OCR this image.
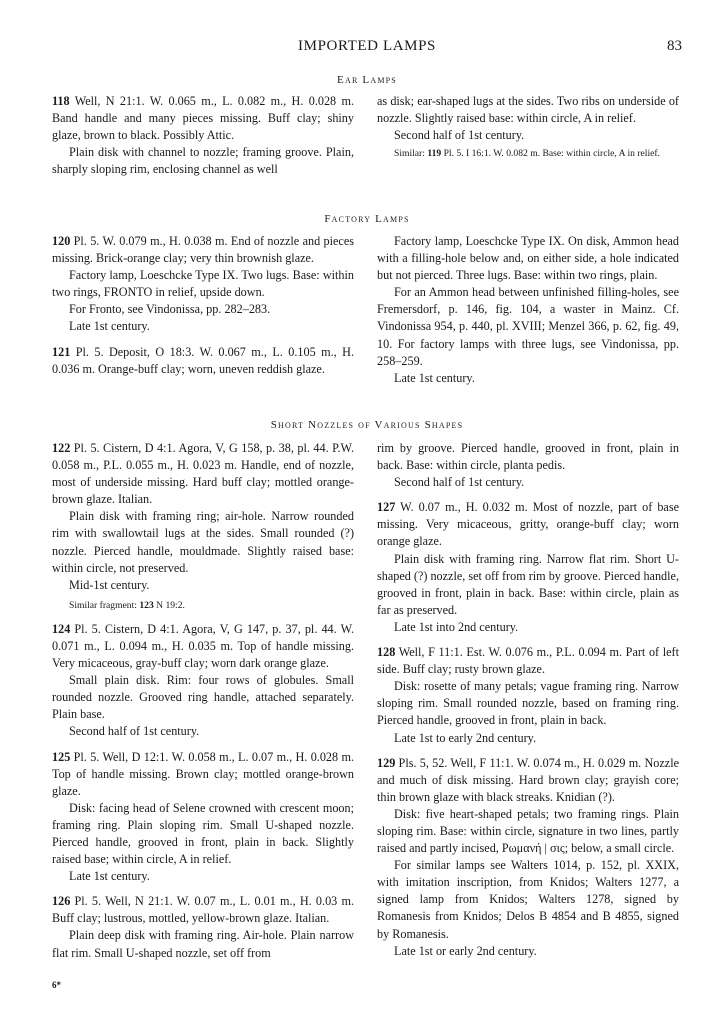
IMPORTED LAMPS	83
Ear Lamps

118 Well, N 21:1. W. 0.065 m., L. 0.082 m., H. 0.028 m. Band handle and many pieces missing. Buff clay; shiny glaze, brown to black. Possibly Attic.

Plain disk with channel to nozzle; framing groove. Plain, sharply sloping rim, enclosing channel as well

as disk; ear-shaped lugs at the sides. Two ribs on underside of nozzle. Slightly raised base: within circle, A in relief.

Second half of 1st century.

Similar: 119 Pl. 5. I 16:1. W. 0.082 m. Base: within circle, A in relief.

Factory Lamps

120 Pl. 5. W. 0.079 m., H. 0.038 m. End of nozzle and pieces missing. Brick-orange clay; very thin brownish glaze.

Factory lamp, Loeschcke Type IX. Two lugs. Base: within two rings, FRONTO in relief, upside down.

For Fronto, see Vindonissa, pp. 282–283.

Late 1st century.

121 Pl. 5. Deposit, O 18:3. W. 0.067 m., L. 0.105 m., H. 0.036 m. Orange-buff clay; worn, uneven reddish glaze.

Factory lamp, Loeschcke Type IX. On disk, Ammon head with a filling-hole below and, on either side, a hole indicated but not pierced. Three lugs. Base: within two rings, plain.

For an Ammon head between unfinished filling-holes, see Fremersdorf, p. 146, fig. 104, a waster in Mainz. Cf. Vindonissa 954, p. 440, pl. XVIII; Menzel 366, p. 62, fig. 49, 10. For factory lamps with three lugs, see Vindonissa, pp. 258–259.

Late 1st century.

Short Nozzles of Various Shapes

122 Pl. 5. Cistern, D 4:1. Agora, V, G 158, p. 38, pl. 44. P.W. 0.058 m., P.L. 0.055 m., H. 0.023 m. Handle, end of nozzle, most of underside missing. Hard buff clay; mottled orange-brown glaze. Italian.

Plain disk with framing ring; air-hole. Narrow rounded rim with swallowtail lugs at the sides. Small rounded (?) nozzle. Pierced handle, mouldmade. Slightly raised base: within circle, not preserved.

Mid-1st century.

Similar fragment: 123 N 19:2.

124 Pl. 5. Cistern, D 4:1. Agora, V, G 147, p. 37, pl. 44. W. 0.071 m., L. 0.094 m., H. 0.035 m. Top of handle missing. Very micaceous, gray-buff clay; worn dark orange glaze.

Small plain disk. Rim: four rows of globules. Small rounded nozzle. Grooved ring handle, attached separately. Plain base.

Second half of 1st century.

125 Pl. 5. Well, D 12:1. W. 0.058 m., L. 0.07 m., H. 0.028 m. Top of handle missing. Brown clay; mottled orange-brown glaze.

Disk: facing head of Selene crowned with crescent moon; framing ring. Plain sloping rim. Small U-shaped nozzle. Pierced handle, grooved in front, plain in back. Slightly raised base; within circle, A in relief.

Late 1st century.

126 Pl. 5. Well, N 21:1. W. 0.07 m., L. 0.01 m., H. 0.03 m. Buff clay; lustrous, mottled, yellow-brown glaze. Italian.

Plain deep disk with framing ring. Air-hole. Plain narrow flat rim. Small U-shaped nozzle, set off from

rim by groove. Pierced handle, grooved in front, plain in back. Base: within circle, planta pedis.

Second half of 1st century.

127 W. 0.07 m., H. 0.032 m. Most of nozzle, part of base missing. Very micaceous, gritty, orange-buff clay; worn orange glaze.

Plain disk with framing ring. Narrow flat rim. Short U-shaped (?) nozzle, set off from rim by groove. Pierced handle, grooved in front, plain in back. Base: within circle, plain as far as preserved.

Late 1st into 2nd century.

128 Well, F 11:1. Est. W. 0.076 m., P.L. 0.094 m. Part of left side. Buff clay; rusty brown glaze.

Disk: rosette of many petals; vague framing ring. Narrow sloping rim. Small rounded nozzle, based on framing ring. Pierced handle, grooved in front, plain in back.

Late 1st to early 2nd century.

129 Pls. 5, 52. Well, F 11:1. W. 0.074 m., H. 0.029 m. Nozzle and much of disk missing. Hard brown clay; grayish core; thin brown glaze with black streaks. Knidian (?).

Disk: five heart-shaped petals; two framing rings. Plain sloping rim. Base: within circle, signature in two lines, partly raised and partly incised, Ρωμανή | σις; below, a small circle.

For similar lamps see Walters 1014, p. 152, pl. XXIX, with imitation inscription, from Knidos; Walters 1277, a signed lamp from Knidos; Walters 1278, signed by Romanesis from Knidos; Delos B 4854 and B 4855, signed by Romanesis.

Late 1st or early 2nd century.

6*
